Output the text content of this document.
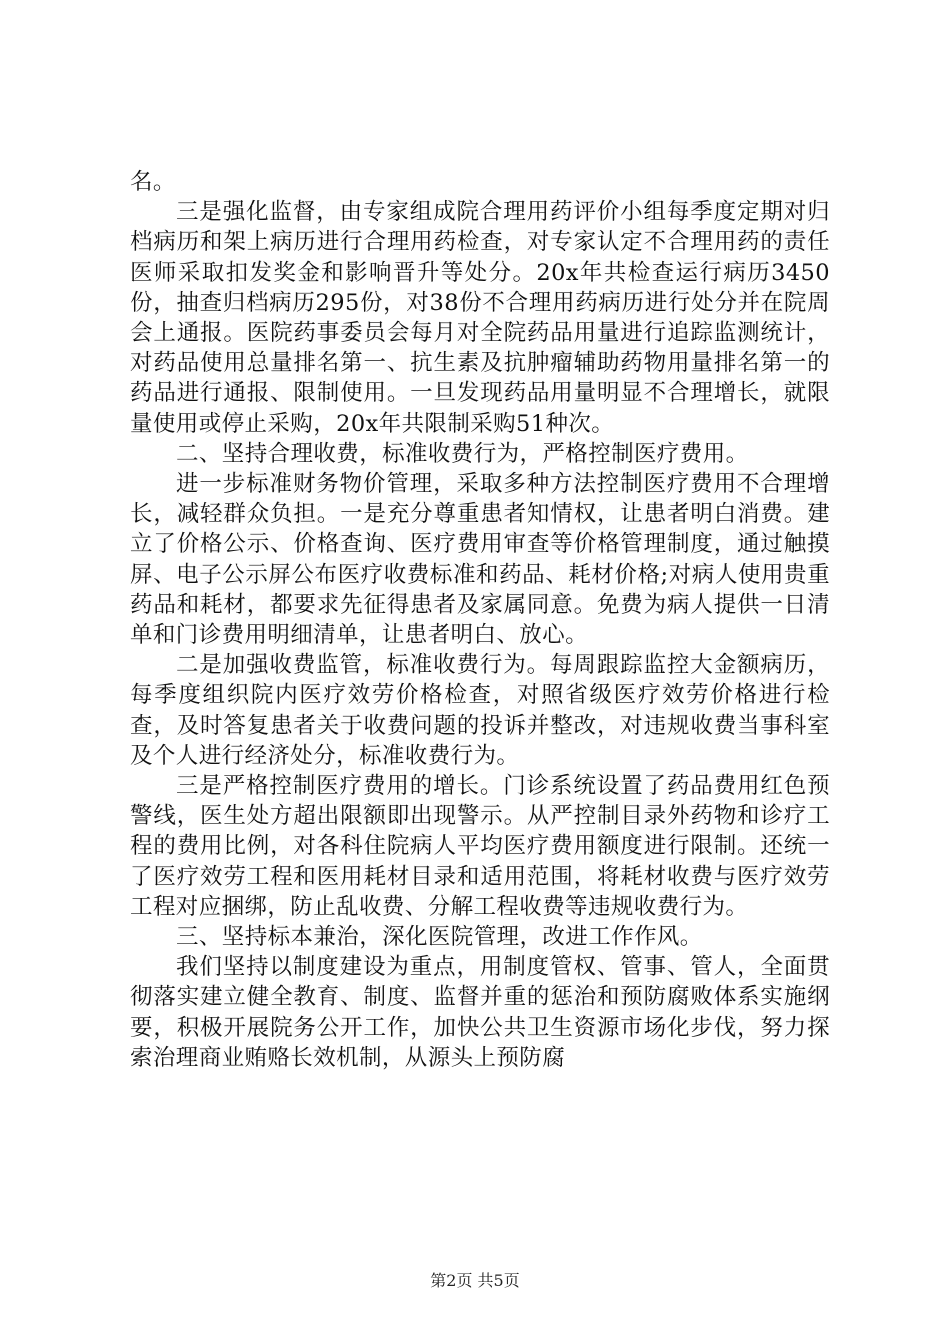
名。

三是强化监督，由专家组成院合理用药评价小组每季度定期对归档病历和架上病历进行合理用药检查，对专家认定不合理用药的责任医师采取扣发奖金和影响晋升等处分。20x年共检查运行病历3450份，抽查归档病历295份，对38份不合理用药病历进行处分并在院周会上通报。医院药事委员会每月对全院药品用量进行追踪监测统计，对药品使用总量排名第一、抗生素及抗肿瘤辅助药物用量排名第一的药品进行通报、限制使用。一旦发现药品用量明显不合理增长，就限量使用或停止采购，20x年共限制采购51种次。

二、坚持合理收费，标准收费行为，严格控制医疗费用。

进一步标准财务物价管理，采取多种方法控制医疗费用不合理增长，减轻群众负担。一是充分尊重患者知情权，让患者明白消费。建立了价格公示、价格查询、医疗费用审查等价格管理制度，通过触摸屏、电子公示屏公布医疗收费标准和药品、耗材价格;对病人使用贵重药品和耗材，都要求先征得患者及家属同意。免费为病人提供一日清单和门诊费用明细清单，让患者明白、放心。

二是加强收费监管，标准收费行为。每周跟踪监控大金额病历，每季度组织院内医疗效劳价格检查，对照省级医疗效劳价格进行检查，及时答复患者关于收费问题的投诉并整改，对违规收费当事科室及个人进行经济处分，标准收费行为。

三是严格控制医疗费用的增长。门诊系统设置了药品费用红色预警线，医生处方超出限额即出现警示。从严控制目录外药物和诊疗工程的费用比例，对各科住院病人平均医疗费用额度进行限制。还统一了医疗效劳工程和医用耗材目录和适用范围，将耗材收费与医疗效劳工程对应捆绑，防止乱收费、分解工程收费等违规收费行为。

三、坚持标本兼治，深化医院管理，改进工作作风。

我们坚持以制度建设为重点，用制度管权、管事、管人，全面贯彻落实建立健全教育、制度、监督并重的惩治和预防腐败体系实施纲要，积极开展院务公开工作，加快公共卫生资源市场化步伐，努力探索治理商业贿赂长效机制，从源头上预防腐

第2页 共5页
